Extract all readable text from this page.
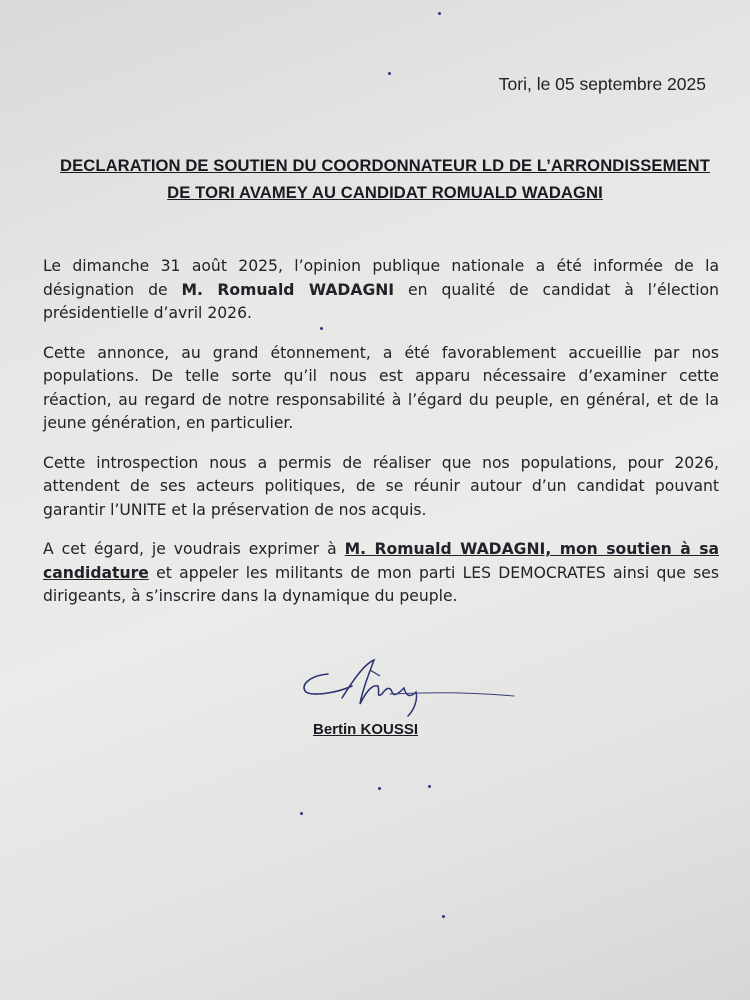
Tori, le 05 septembre 2025
DECLARATION DE SOUTIEN DU COORDONNATEUR LD DE L’ARRONDISSEMENT
DE TORI AVAMEY AU CANDIDAT ROMUALD WADAGNI

Le dimanche 31 août 2025, l’opinion publique nationale a été informée de la désignation de M. Romuald WADAGNI en qualité de candidat à l’élection présidentielle d’avril 2026.

Cette annonce, au grand étonnement, a été favorablement accueillie par nos populations. De telle sorte qu’il nous est apparu nécessaire d’examiner cette réaction, au regard de notre responsabilité à l’égard du peuple, en général, et de la jeune génération, en particulier.

Cette introspection nous a permis de réaliser que nos populations, pour 2026, attendent de ses acteurs politiques, de se réunir autour d’un candidat pouvant garantir l’UNITE et la préservation de nos acquis.

A cet égard, je voudrais exprimer à M. Romuald WADAGNI, mon soutien à sa candidature et appeler les militants de mon parti LES DEMOCRATES ainsi que ses dirigeants, à s’inscrire dans la dynamique du peuple.

Bertin KOUSSI
